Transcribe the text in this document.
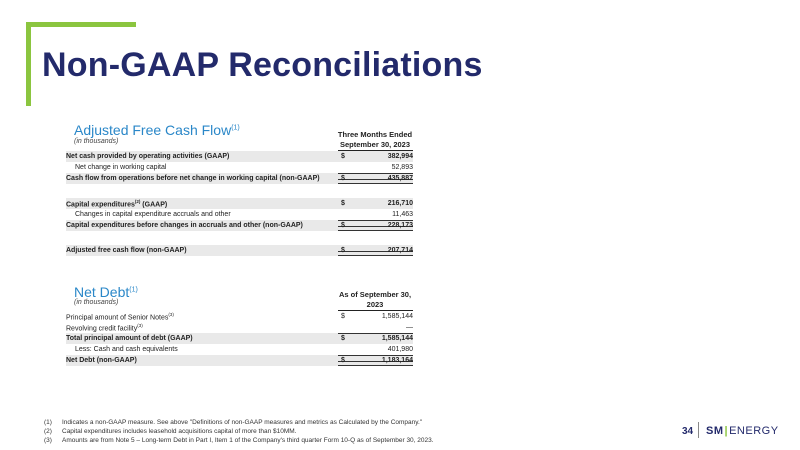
Non-GAAP Reconciliations
Adjusted Free Cash Flow$^{(1)}$
(in thousands)
Three Months Ended
September 30, 2023
Net cash provided by operating activities (GAAP)	$	382,994
Net change in working capital	52,893
Cash flow from operations before net change in working capital (non-GAAP)	$	435,887
Capital expenditures$^{(2)}$ (GAAP)	$	216,710
Changes in capital expenditure accruals and other	11,463
Capital expenditures before changes in accruals and other (non-GAAP)	$	228,173
Adjusted free cash flow (non-GAAP)	$	207,714
Net Debt$^{(1)}$
(in thousands)
As of September 30,
2023
Principal amount of Senior Notes$^{(3)}$	$	1,585,144
Revolving credit facility$^{(3)}$	—
Total principal amount of debt (GAAP)	$	1,585,144
Less: Cash and cash equivalents	401,980
Net Debt (non-GAAP)	$	1,183,164
(1) Indicates a non-GAAP measure. See above "Definitions of non-GAAP measures and metrics as Calculated by the Company."
(2) Capital expenditures includes leasehold acquisitions capital of more than $10MM.
(3) Amounts are from Note 5 – Long-term Debt in Part I, Item 1 of the Company's third quarter Form 10-Q as of September 30, 2023.
34 SM|ENERGY
